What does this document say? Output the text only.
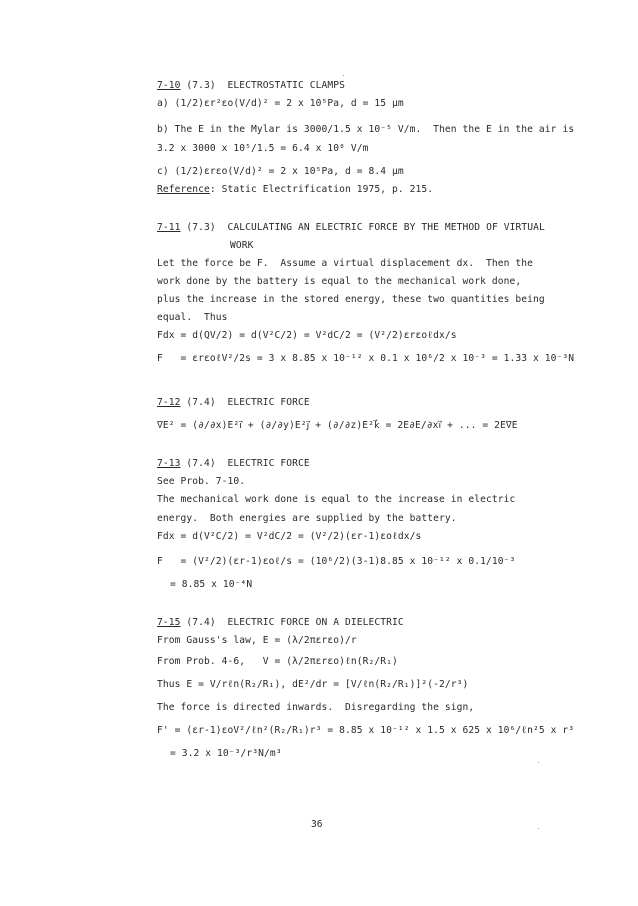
7-10 (7.3)  ELECTROSTATIC CLAMPS
a) (1/2)εr²εo(V/d)² = 2 x 10⁵Pa, d = 15 μm
b) The E in the Mylar is 3000/1.5 x 10⁻⁵ V/m.  Then the E in the air is
3.2 x 3000 x 10⁵/1.5 = 6.4 x 10⁸ V/m
c) (1/2)εrεo(V/d)² = 2 x 10⁵Pa, d = 8.4 μm
Reference: Static Electrification 1975, p. 215.
7-11 (7.3)  CALCULATING AN ELECTRIC FORCE BY THE METHOD OF VIRTUAL
WORK
Let the force be F.  Assume a virtual displacement dx.  Then the
work done by the battery is equal to the mechanical work done,
plus the increase in the stored energy, these two quantities being
equal.  Thus
Fdx = d(QV/2) = d(V²C/2) = V²dC/2 = (V²/2)εrεoℓdx/s
F   = εrεoℓV²/2s = 3 x 8.85 x 10⁻¹² x 0.1 x 10⁶/2 x 10⁻³ = 1.33 x 10⁻³N
7-12 (7.4)  ELECTRIC FORCE
∇E² = (∂/∂x)E²i⃗ + (∂/∂y)E²j⃗ + (∂/∂z)E²k⃗ = 2E∂E/∂xi⃗ + ... = 2E∇E
7-13 (7.4)  ELECTRIC FORCE
See Prob. 7-10.
The mechanical work done is equal to the increase in electric
energy.  Both energies are supplied by the battery.
Fdx = d(V²C/2) = V²dC/2 = (V²/2)(εr-1)εoℓdx/s
F   = (V²/2)(εr-1)εoℓ/s = (10⁶/2)(3-1)8.85 x 10⁻¹² x 0.1/10⁻³
= 8.85 x 10⁻⁴N
7-15 (7.4)  ELECTRIC FORCE ON A DIELECTRIC
From Gauss's law, E = (λ/2πεrεo)/r
From Prob. 4-6,   V = (λ/2πεrεo)ℓn(R₂/R₁)
Thus E = V/rℓn(R₂/R₁), dE²/dr = [V/ℓn(R₂/R₁)]²(-2/r³)
The force is directed inwards.  Disregarding the sign,
F' = (εr-1)εoV²/ℓn²(R₂/R₁)r³ = 8.85 x 10⁻¹² x 1.5 x 625 x 10⁶/ℓn²5 x r³
= 3.2 x 10⁻³/r³N/m³
36
